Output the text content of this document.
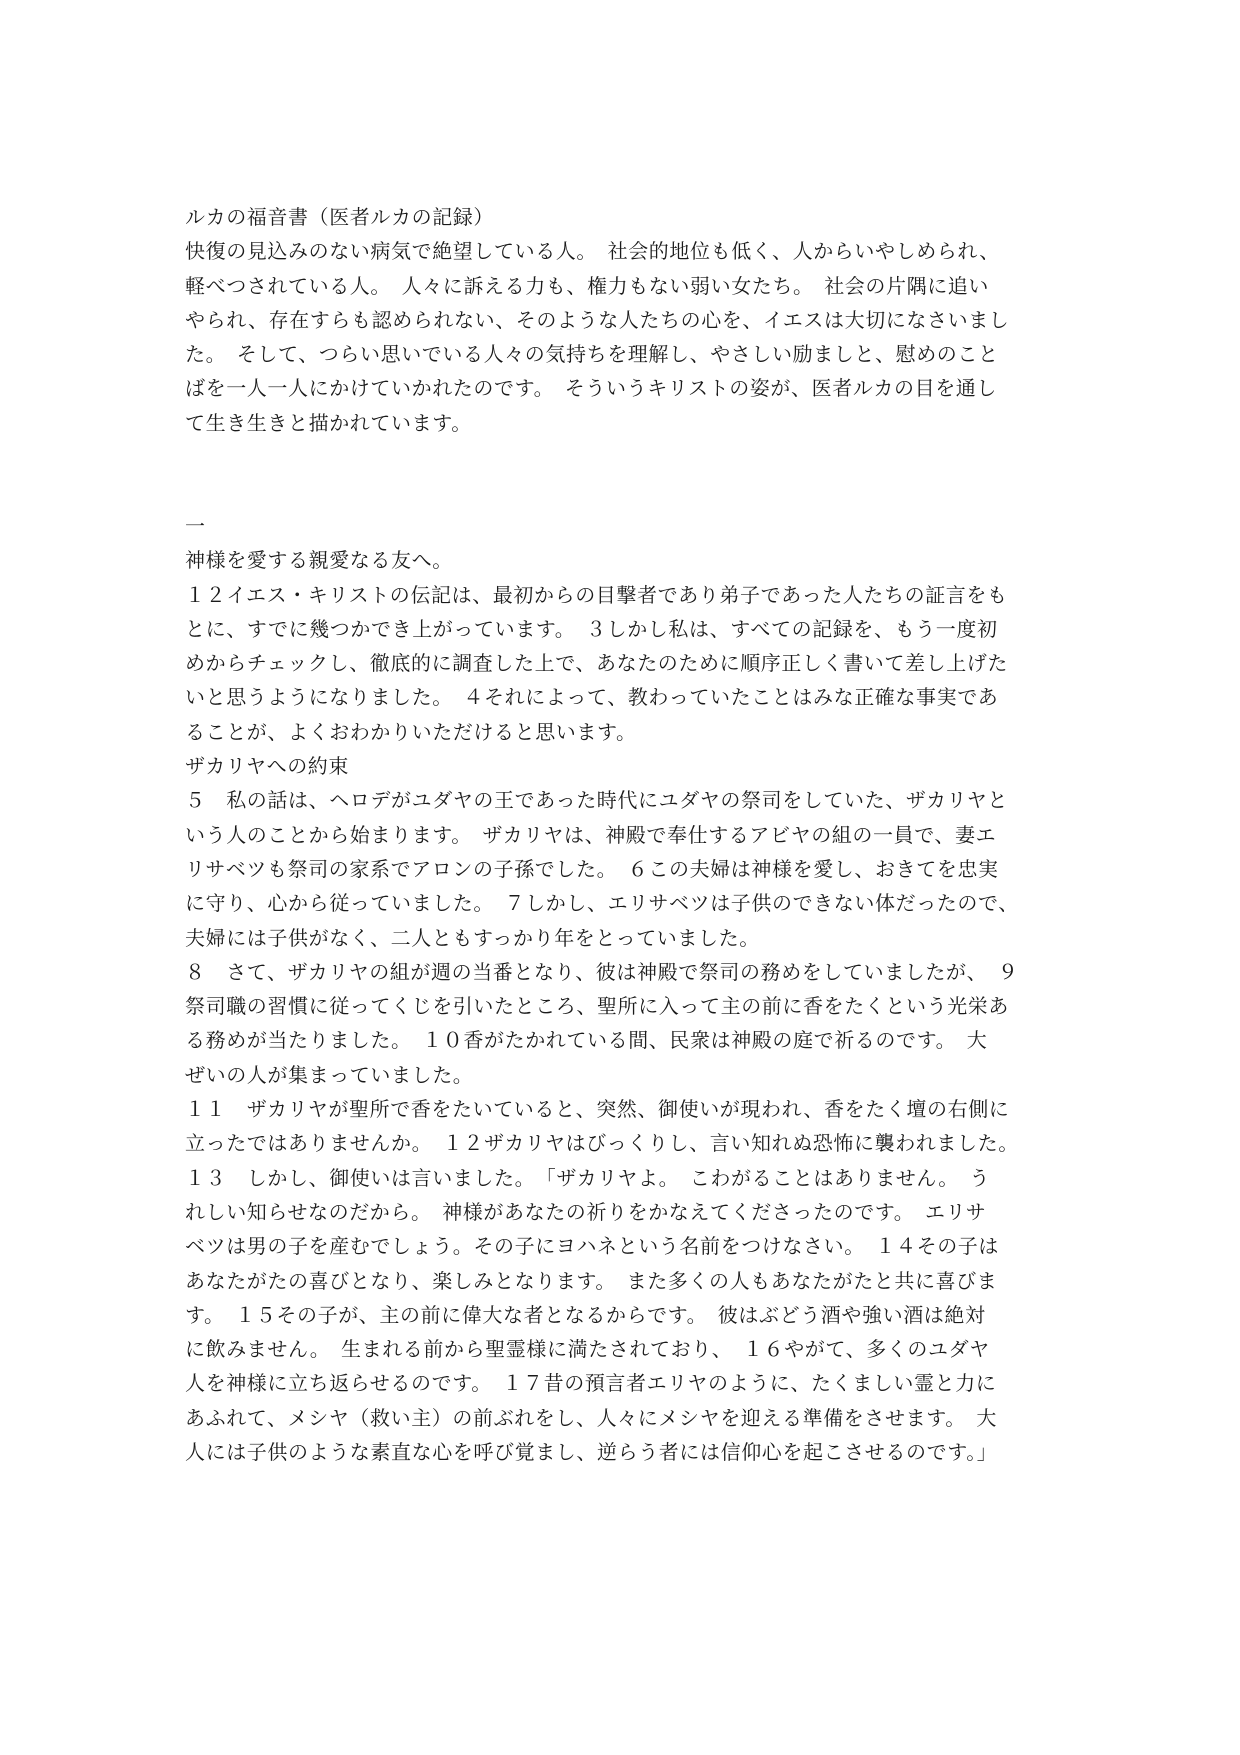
ルカの福音書（医者ルカの記録）
快復の見込みのない病気で絶望している人。　社会的地位も低く、人からいやしめられ、
軽べつされている人。　人々に訴える力も、権力もない弱い女たち。　社会の片隅に追い
やられ、存在すらも認められない、そのような人たちの心を、イエスは大切になさいまし
た。　そして、つらい思いでいる人々の気持ちを理解し、やさしい励ましと、慰めのこと
ばを一人一人にかけていかれたのです。　そういうキリストの姿が、医者ルカの目を通し
て生き生きと描かれています。
一
神様を愛する親愛なる友へ。
１２イエス・キリストの伝記は、最初からの目撃者であり弟子であった人たちの証言をも
とに、すでに幾つかでき上がっています。　３しかし私は、すべての記録を、もう一度初
めからチェックし、徹底的に調査した上で、あなたのために順序正しく書いて差し上げた
いと思うようになりました。　４それによって、教わっていたことはみな正確な事実であ
ることが、よくおわかりいただけると思います。
ザカリヤへの約束
５　私の話は、ヘロデがユダヤの王であった時代にユダヤの祭司をしていた、ザカリヤと
いう人のことから始まります。　ザカリヤは、神殿で奉仕するアビヤの組の一員で、妻エ
リサベツも祭司の家系でアロンの子孫でした。　６この夫婦は神様を愛し、おきてを忠実
に守り、心から従っていました。　７しかし、エリサベツは子供のできない体だったので、
夫婦には子供がなく、二人ともすっかり年をとっていました。
８　さて、ザカリヤの組が週の当番となり、彼は神殿で祭司の務めをしていましたが、　９
祭司職の習慣に従ってくじを引いたところ、聖所に入って主の前に香をたくという光栄あ
る務めが当たりました。　１０香がたかれている間、民衆は神殿の庭で祈るのです。　大
ぜいの人が集まっていました。
１１　ザカリヤが聖所で香をたいていると、突然、御使いが現われ、香をたく壇の右側に
立ったではありませんか。　１２ザカリヤはびっくりし、言い知れぬ恐怖に襲われました。
１３　しかし、御使いは言いました。　「ザカリヤよ。　こわがることはありません。　う
れしい知らせなのだから。　神様があなたの祈りをかなえてくださったのです。　エリサ
ベツは男の子を産むでしょう。その子にヨハネという名前をつけなさい。　１４その子は
あなたがたの喜びとなり、楽しみとなります。　また多くの人もあなたがたと共に喜びま
す。　１５その子が、主の前に偉大な者となるからです。　彼はぶどう酒や強い酒は絶対
に飲みません。　生まれる前から聖霊様に満たされており、　１６やがて、多くのユダヤ
人を神様に立ち返らせるのです。　１７昔の預言者エリヤのように、たくましい霊と力に
あふれて、メシヤ（救い主）の前ぶれをし、人々にメシヤを迎える準備をさせます。　大
人には子供のような素直な心を呼び覚まし、逆らう者には信仰心を起こさせるのです。」
